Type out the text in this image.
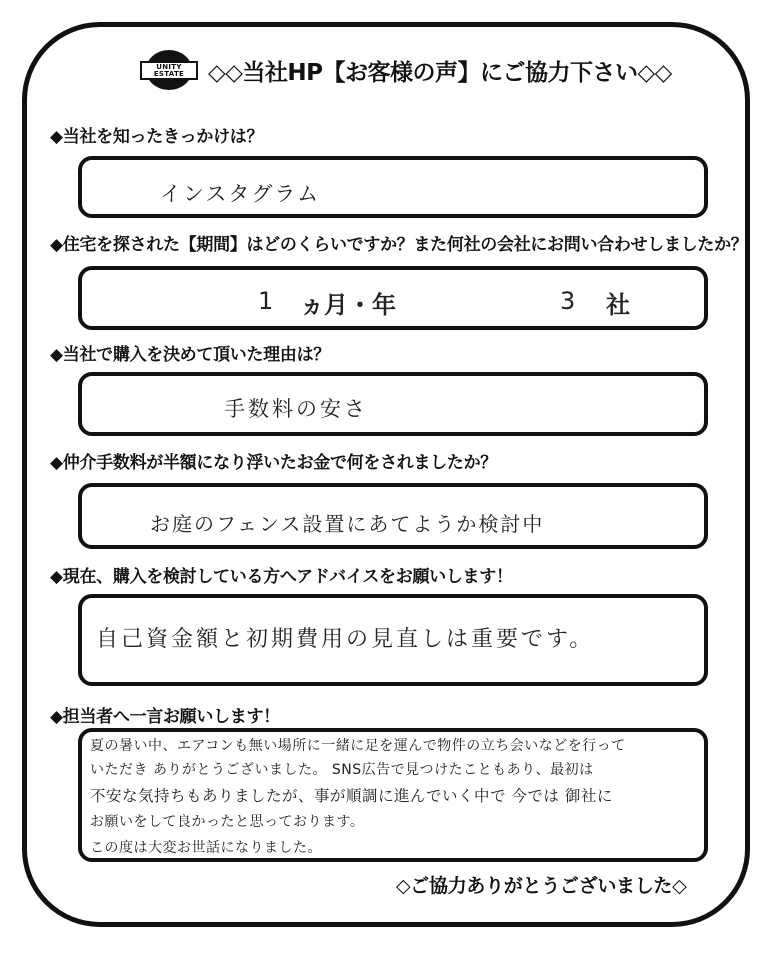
UNITY
ESTATE ◇◇当社HP【お客様の声】にご協力下さい◇◇
◆当社を知ったきっかけは？
インスタグラム
◆住宅を探された【期間】はどのくらいですか？また何社の会社にお問い合わせしましたか？
1 ヵ月・年	3 社
◆当社で購入を決めて頂いた理由は？
手数料の安さ
◆仲介手数料が半額になり浮いたお金で何をされましたか？
お庭のフェンス設置にあてようか検討中
◆現在、購入を検討している方へアドバイスをお願いします！
自己資金額と初期費用の見直しは重要です。
◆担当者へ一言お願いします！
夏の暑い中、エアコンも無い場所に一緒に足を運んで物件の立ち会いなどを行って
いただき ありがとうございました。 SNS広告で見つけたこともあり、最初は
不安な気持ちもありましたが、事が順調に進んでいく中で 今では 御社に
お願いをして良かったと思っております。
この度は大変お世話になりました。
◇ご協力ありがとうございました◇
